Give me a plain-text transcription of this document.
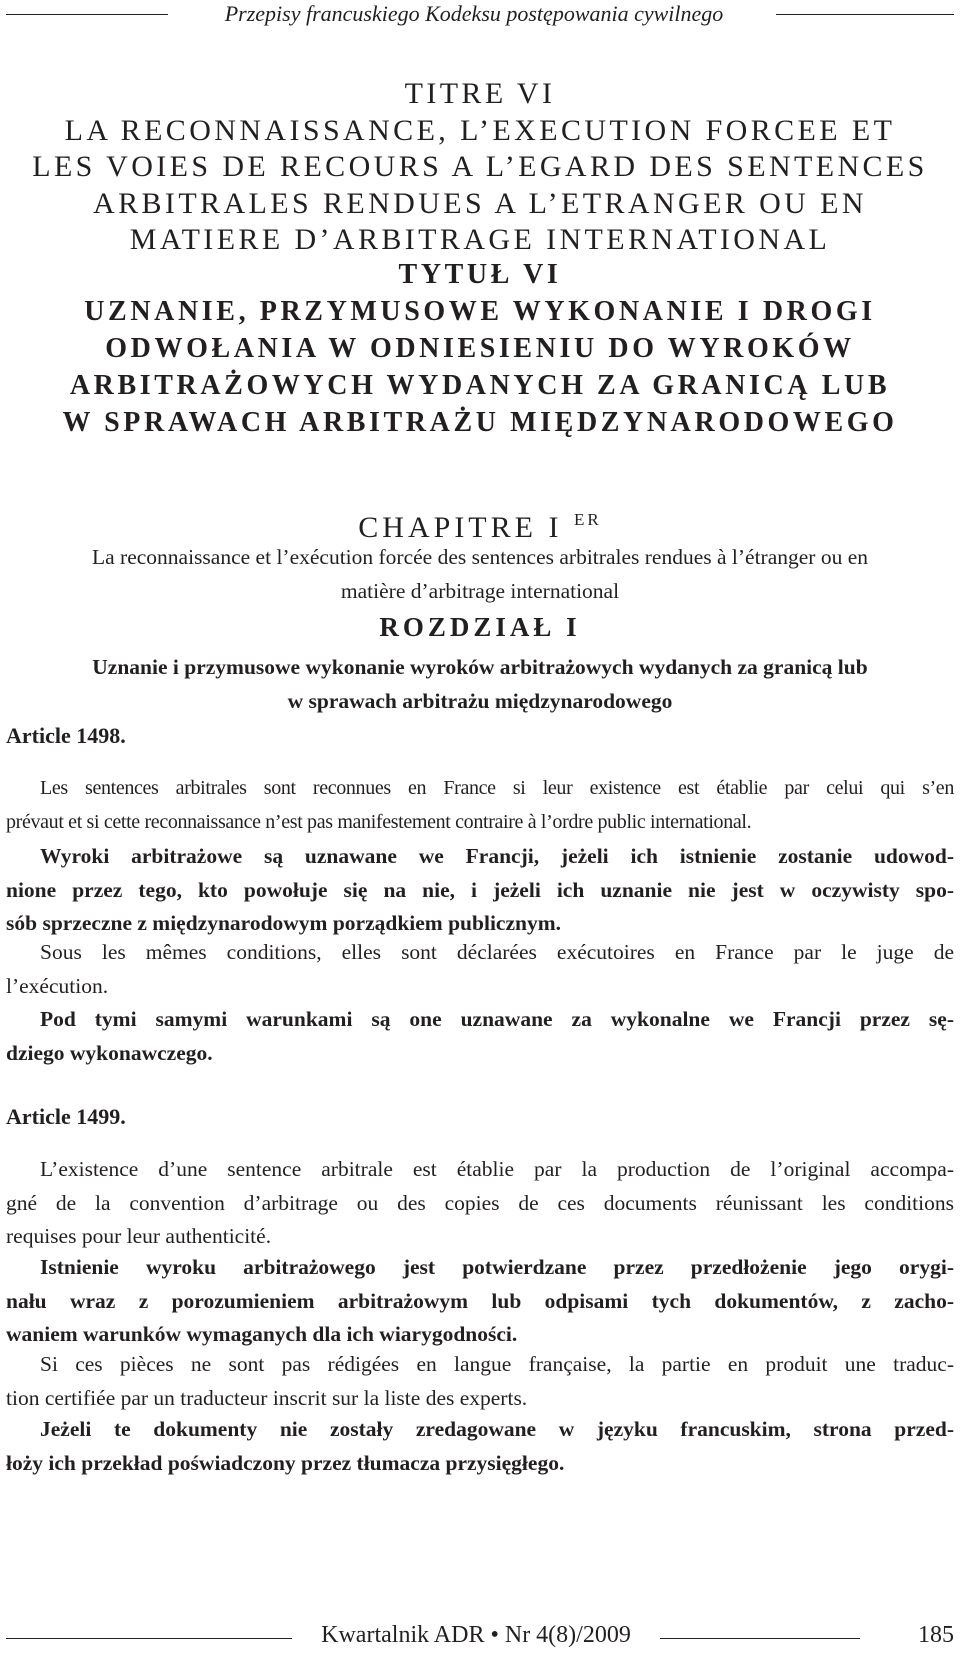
Przepisy francuskiego Kodeksu postępowania cywilnego
TITRE VI
LA RECONNAISSANCE, L’EXECUTION FORCEE ET
LES VOIES DE RECOURS A L’EGARD DES SENTENCES
ARBITRALES RENDUES A L’ETRANGER OU EN
MATIERE D’ARBITRAGE INTERNATIONAL
TYTUŁ VI
UZNANIE, PRZYMUSOWE WYKONANIE I DROGI
ODWOŁANIA W ODNIESIENIU DO WYROKÓW
ARBITRAŻOWYCH WYDANYCH ZA GRANICĄ LUB
W SPRAWACH ARBITRAŻU MIĘDZYNARODOWEGO
CHAPITRE I $^{ER}$
La reconnaissance et l’exécution forcée des sentences arbitrales rendues à l’étranger ou en
matière d’arbitrage international
ROZDZIAŁ I
Uznanie i przymusowe wykonanie wyroków arbitrażowych wydanych za granicą lub
w sprawach arbitrażu międzynarodowego
Article 1498.
Les sentences arbitrales sont reconnues en France si leur existence est établie par celui qui s’en
prévaut et si cette reconnaissance n’est pas manifestement contraire à l’ordre public international.
Wyroki arbitrażowe są uznawane we Francji, jeżeli ich istnienie zostanie udowod-
nione przez tego, kto powołuje się na nie, i jeżeli ich uznanie nie jest w oczywisty spo-
sób sprzeczne z międzynarodowym porządkiem publicznym.
Sous les mêmes conditions, elles sont déclarées exécutoires en France par le juge de
l’exécution.
Pod tymi samymi warunkami są one uznawane za wykonalne we Francji przez sę-
dziego wykonawczego.
Article 1499.
L’existence d’une sentence arbitrale est établie par la production de l’original accompa-
gné de la convention d’arbitrage ou des copies de ces documents réunissant les conditions
requises pour leur authenticité.
Istnienie wyroku arbitrażowego jest potwierdzane przez przedłożenie jego orygi-
nału wraz z porozumieniem arbitrażowym lub odpisami tych dokumentów, z zacho-
waniem warunków wymaganych dla ich wiarygodności.
Si ces pièces ne sont pas rédigées en langue française, la partie en produit une traduc-
tion certifiée par un traducteur inscrit sur la liste des experts.
Jeżeli te dokumenty nie zostały zredagowane w języku francuskim, strona przed-
łoży ich przekład poświadczony przez tłumacza przysięgłego.
Kwartalnik ADR • Nr 4(8)/2009	185
